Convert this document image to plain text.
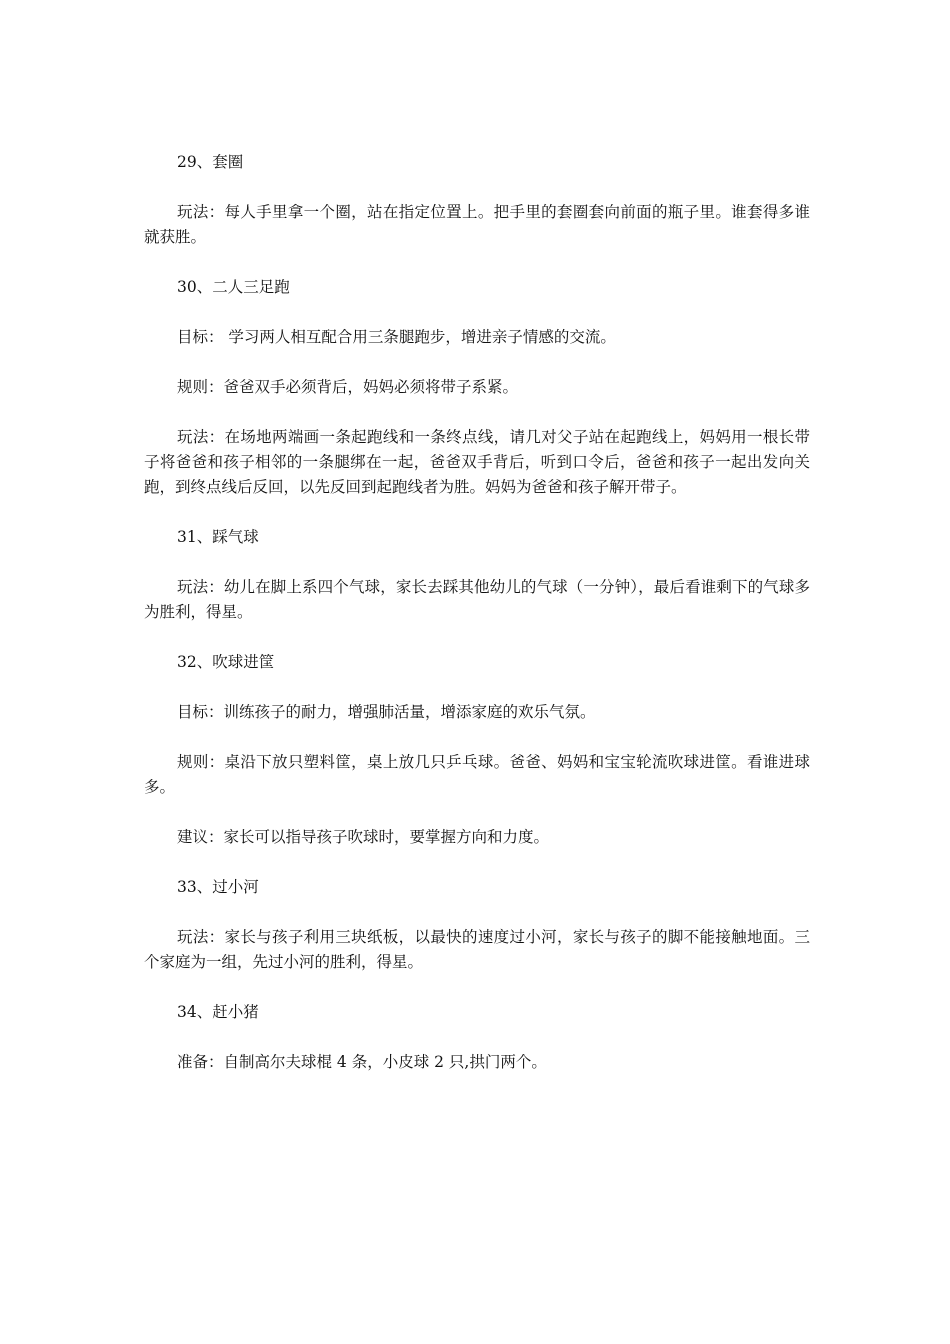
29、套圈

玩法：每人手里拿一个圈，站在指定位置上。把手里的套圈套向前面的瓶子里。谁套得多谁就获胜。

30、二人三足跑

目标： 学习两人相互配合用三条腿跑步，增进亲子情感的交流。

规则：爸爸双手必须背后，妈妈必须将带子系紧。

玩法：在场地两端画一条起跑线和一条终点线，请几对父子站在起跑线上，妈妈用一根长带子将爸爸和孩子相邻的一条腿绑在一起，爸爸双手背后，听到口令后，爸爸和孩子一起出发向关跑，到终点线后反回，以先反回到起跑线者为胜。妈妈为爸爸和孩子解开带子。

31、踩气球

玩法：幼儿在脚上系四个气球，家长去踩其他幼儿的气球（一分钟），最后看谁剩下的气球多为胜利，得星。

32、吹球进筐

目标：训练孩子的耐力，增强肺活量，增添家庭的欢乐气氛。

规则：桌沿下放只塑料筐，桌上放几只乒乓球。爸爸、妈妈和宝宝轮流吹球进筐。看谁进球多。

建议：家长可以指导孩子吹球时，要掌握方向和力度。

33、过小河

玩法：家长与孩子利用三块纸板，以最快的速度过小河，家长与孩子的脚不能接触地面。三个家庭为一组，先过小河的胜利，得星。

34、赶小猪

准备：自制高尔夫球棍 4 条，小皮球 2 只,拱门两个。
